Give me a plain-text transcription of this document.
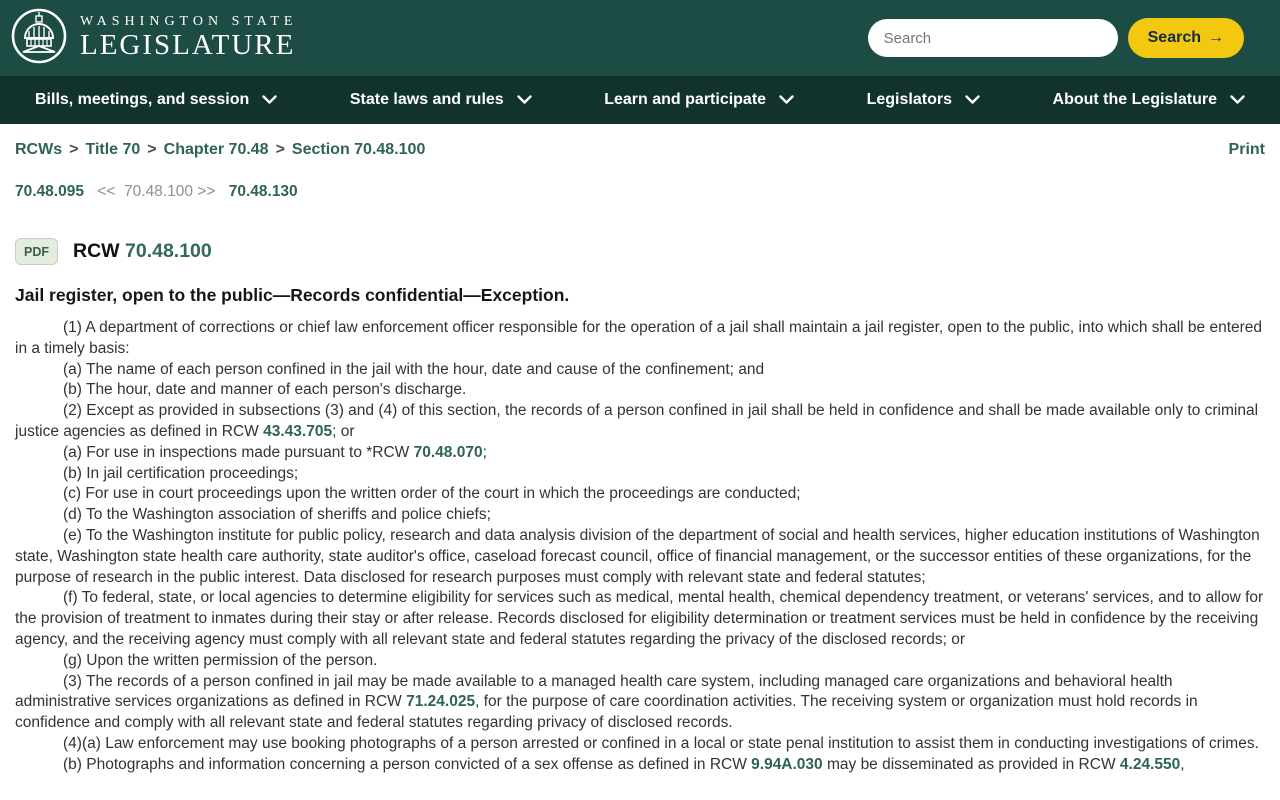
WASHINGTON STATE
LEGISLATURE
Search	Search →
Bills, meetings, and session	State laws and rules	Learn and participate	Legislators	About the Legislature
RCWs > Title 70 > Chapter 70.48 > Section 70.48.100	Print
70.48.095 << 70.48.100 >> 70.48.130
PDF	RCW 70.48.100
Jail register, open to the public—Records confidential—Exception.

(1) A department of corrections or chief law enforcement officer responsible for the operation of a jail shall maintain a jail register, open to the public, into which shall be entered in a timely basis:

(a) The name of each person confined in the jail with the hour, date and cause of the confinement; and

(b) The hour, date and manner of each person's discharge.

(2) Except as provided in subsections (3) and (4) of this section, the records of a person confined in jail shall be held in confidence and shall be made available only to criminal justice agencies as defined in RCW 43.43.705; or

(a) For use in inspections made pursuant to *RCW 70.48.070;

(b) In jail certification proceedings;

(c) For use in court proceedings upon the written order of the court in which the proceedings are conducted;

(d) To the Washington association of sheriffs and police chiefs;

(e) To the Washington institute for public policy, research and data analysis division of the department of social and health services, higher education institutions of Washington state, Washington state health care authority, state auditor's office, caseload forecast council, office of financial management, or the successor entities of these organizations, for the purpose of research in the public interest. Data disclosed for research purposes must comply with relevant state and federal statutes;

(f) To federal, state, or local agencies to determine eligibility for services such as medical, mental health, chemical dependency treatment, or veterans' services, and to allow for the provision of treatment to inmates during their stay or after release. Records disclosed for eligibility determination or treatment services must be held in confidence by the receiving agency, and the receiving agency must comply with all relevant state and federal statutes regarding the privacy of the disclosed records; or

(g) Upon the written permission of the person.

(3) The records of a person confined in jail may be made available to a managed health care system, including managed care organizations and behavioral health administrative services organizations as defined in RCW 71.24.025, for the purpose of care coordination activities. The receiving system or organization must hold records in confidence and comply with all relevant state and federal statutes regarding privacy of disclosed records.

(4)(a) Law enforcement may use booking photographs of a person arrested or confined in a local or state penal institution to assist them in conducting investigations of crimes.

(b) Photographs and information concerning a person convicted of a sex offense as defined in RCW 9.94A.030 may be disseminated as provided in RCW 4.24.550,
